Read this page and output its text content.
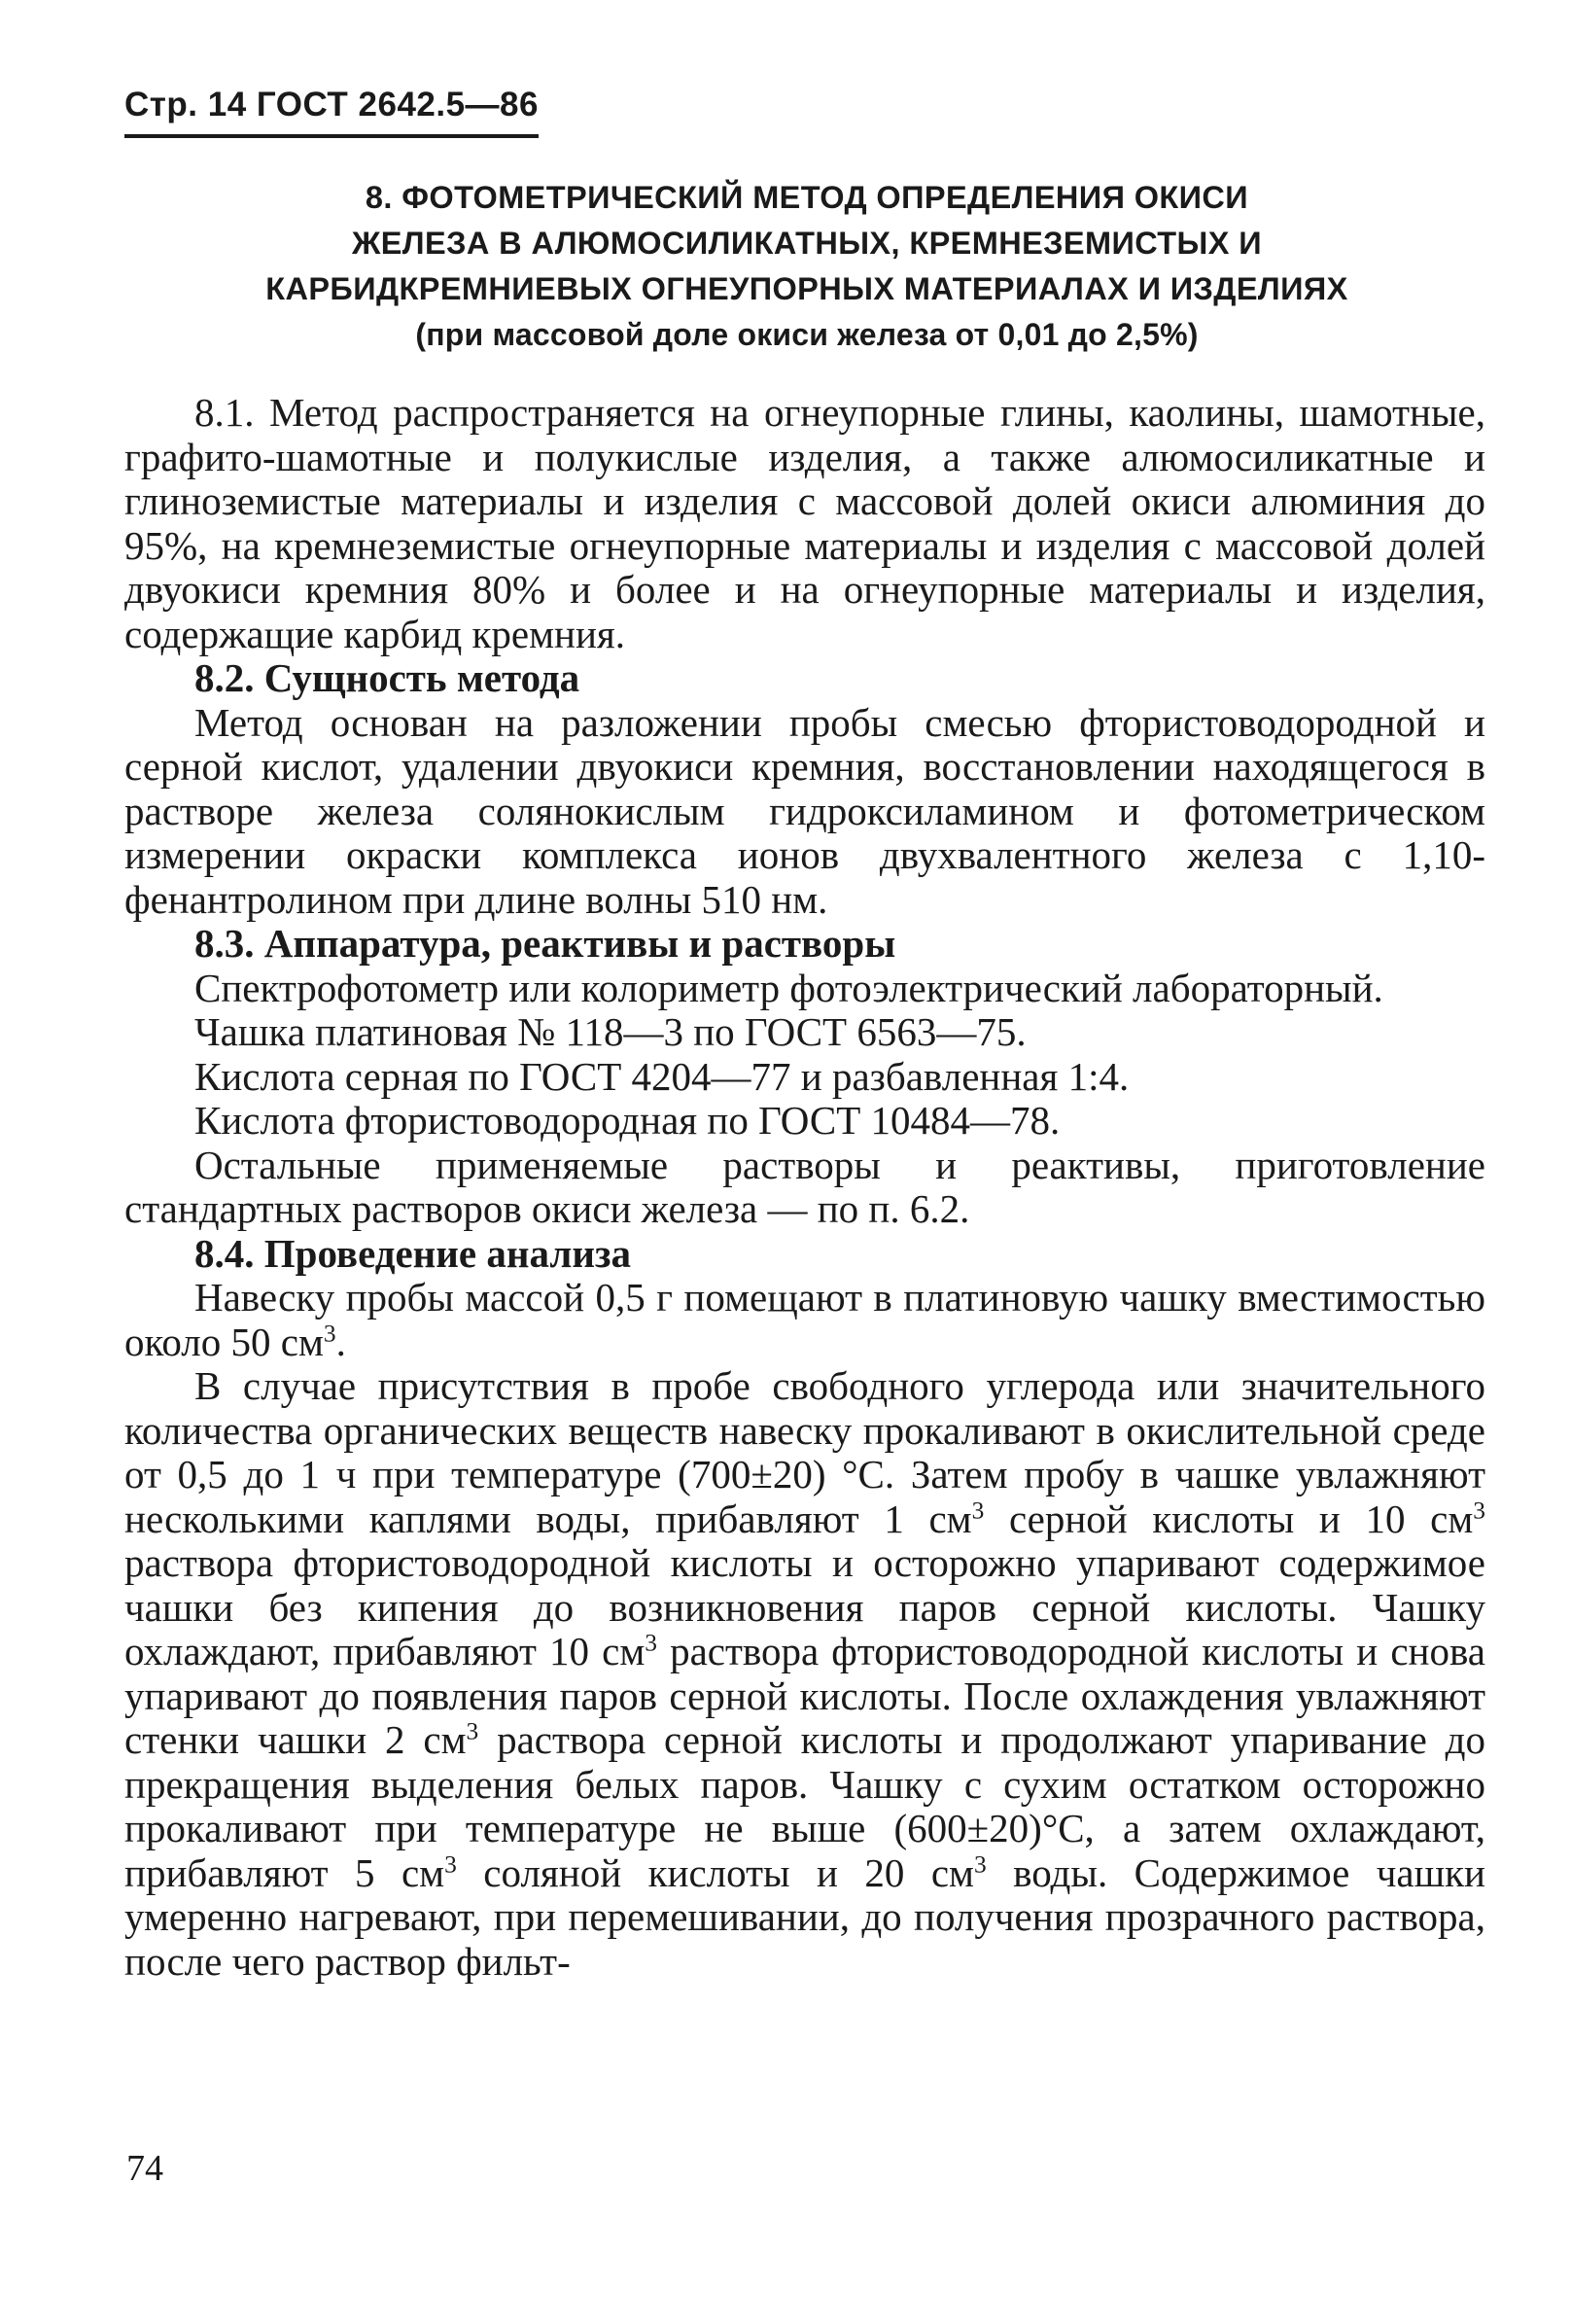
Стр. 14 ГОСТ 2642.5—86
8. ФОТОМЕТРИЧЕСКИЙ МЕТОД ОПРЕДЕЛЕНИЯ ОКИСИ
ЖЕЛЕЗА В АЛЮМОСИЛИКАТНЫХ, КРЕМНЕЗЕМИСТЫХ И
КАРБИДКРЕМНИЕВЫХ ОГНЕУПОРНЫХ МАТЕРИАЛАХ И ИЗДЕЛИЯХ
(при массовой доле окиси железа от 0,01 до 2,5%)

8.1. Метод распространяется на огнеупорные глины, каолины, шамотные, графито-шамотные и полукислые изделия, а также алюмосиликатные и глиноземистые материалы и изделия с массовой долей окиси алюминия до 95%, на кремнеземистые огнеупорные материалы и изделия с массовой долей двуокиси кремния 80% и более и на огнеупорные материалы и изделия, содержащие карбид кремния.

8.2. Сущность метода

Метод основан на разложении пробы смесью фтористоводородной и серной кислот, удалении двуокиси кремния, восстановлении находящегося в растворе железа солянокислым гидроксиламином и фотометрическом измерении окраски комплекса ионов двухвалентного железа с 1,10-фенантролином при длине волны 510 нм.

8.3. Аппаратура, реактивы и растворы

Спектрофотометр или колориметр фотоэлектрический лабораторный.

Чашка платиновая № 118—3 по ГОСТ 6563—75.

Кислота серная по ГОСТ 4204—77 и разбавленная 1:4.

Кислота фтористоводородная по ГОСТ 10484—78.

Остальные применяемые растворы и реактивы, приготовление стандартных растворов окиси железа — по п. 6.2.

8.4. Проведение анализа

Навеску пробы массой 0,5 г помещают в платиновую чашку вместимостью около 50 $см^3$.

В случае присутствия в пробе свободного углерода или значительного количества органических веществ навеску прокаливают в окислительной среде от 0,5 до 1 ч при температуре (700±20) °С. Затем пробу в чашке увлажняют несколькими каплями воды, прибавляют 1 $см^3$ серной кислоты и 10 $см^3$ раствора фтористоводородной кислоты и осторожно упаривают содержимое чашки без кипения до возникновения паров серной кислоты. Чашку охлаждают, прибавляют 10 $см^3$ раствора фтористоводородной кислоты и снова упаривают до появления паров серной кислоты. После охлаждения увлажняют стенки чашки 2 $см^3$ раствора серной кислоты и продолжают упаривание до прекращения выделения белых паров. Чашку с сухим остатком осторожно прокаливают при температуре не выше (600±20)°С, а затем охлаждают, прибавляют 5 $см^3$ соляной кислоты и 20 $см^3$ воды. Содержимое чашки умеренно нагревают, при перемешивании, до получения прозрачного раствора, после чего раствор фильт-

74
